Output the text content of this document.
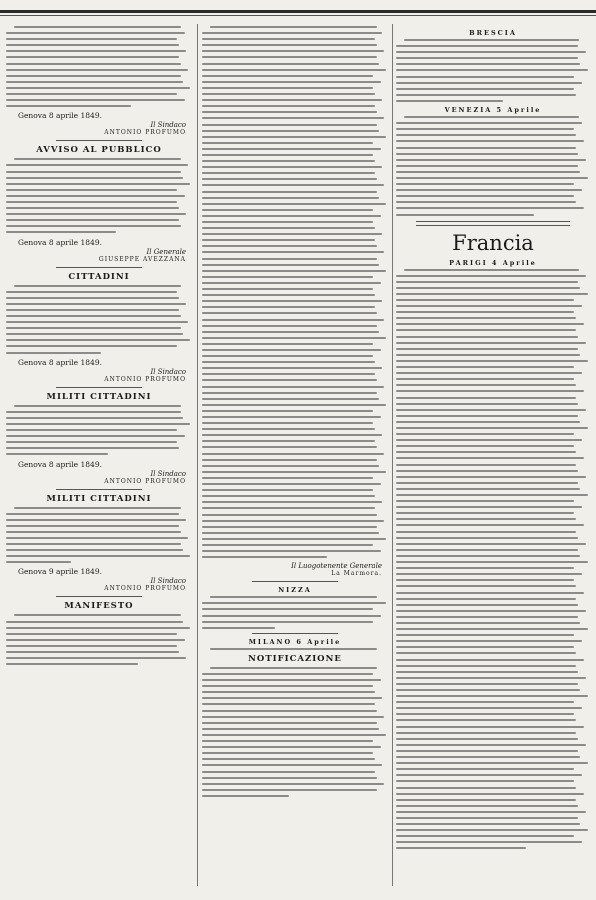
Genova 8 aprile 1849.
Il Sindaco
ANTONIO PROFUMO
AVVISO AL PUBBLICO
Genova 8 aprile 1849.
Il Generale
GIUSEPPE AVEZZANA
CITTADINI
Genova 8 aprile 1849.
Il Sindaco
ANTONIO PROFUMO
MILITI CITTADINI
Genova 8 aprile 1849.
Il Sindaco
ANTONIO PROFUMO
MILITI CITTADINI
Genova 9 aprile 1849.
Il Sindaco
ANTONIO PROFUMO
MANIFESTO
Il Luogotenente Generale
La Marmora.
NIZZA
MILANO 6 Aprile
NOTIFICAZIONE
BRESCIA
VENEZIA 5 Aprile
Francia
PARIGI 4 Aprile
